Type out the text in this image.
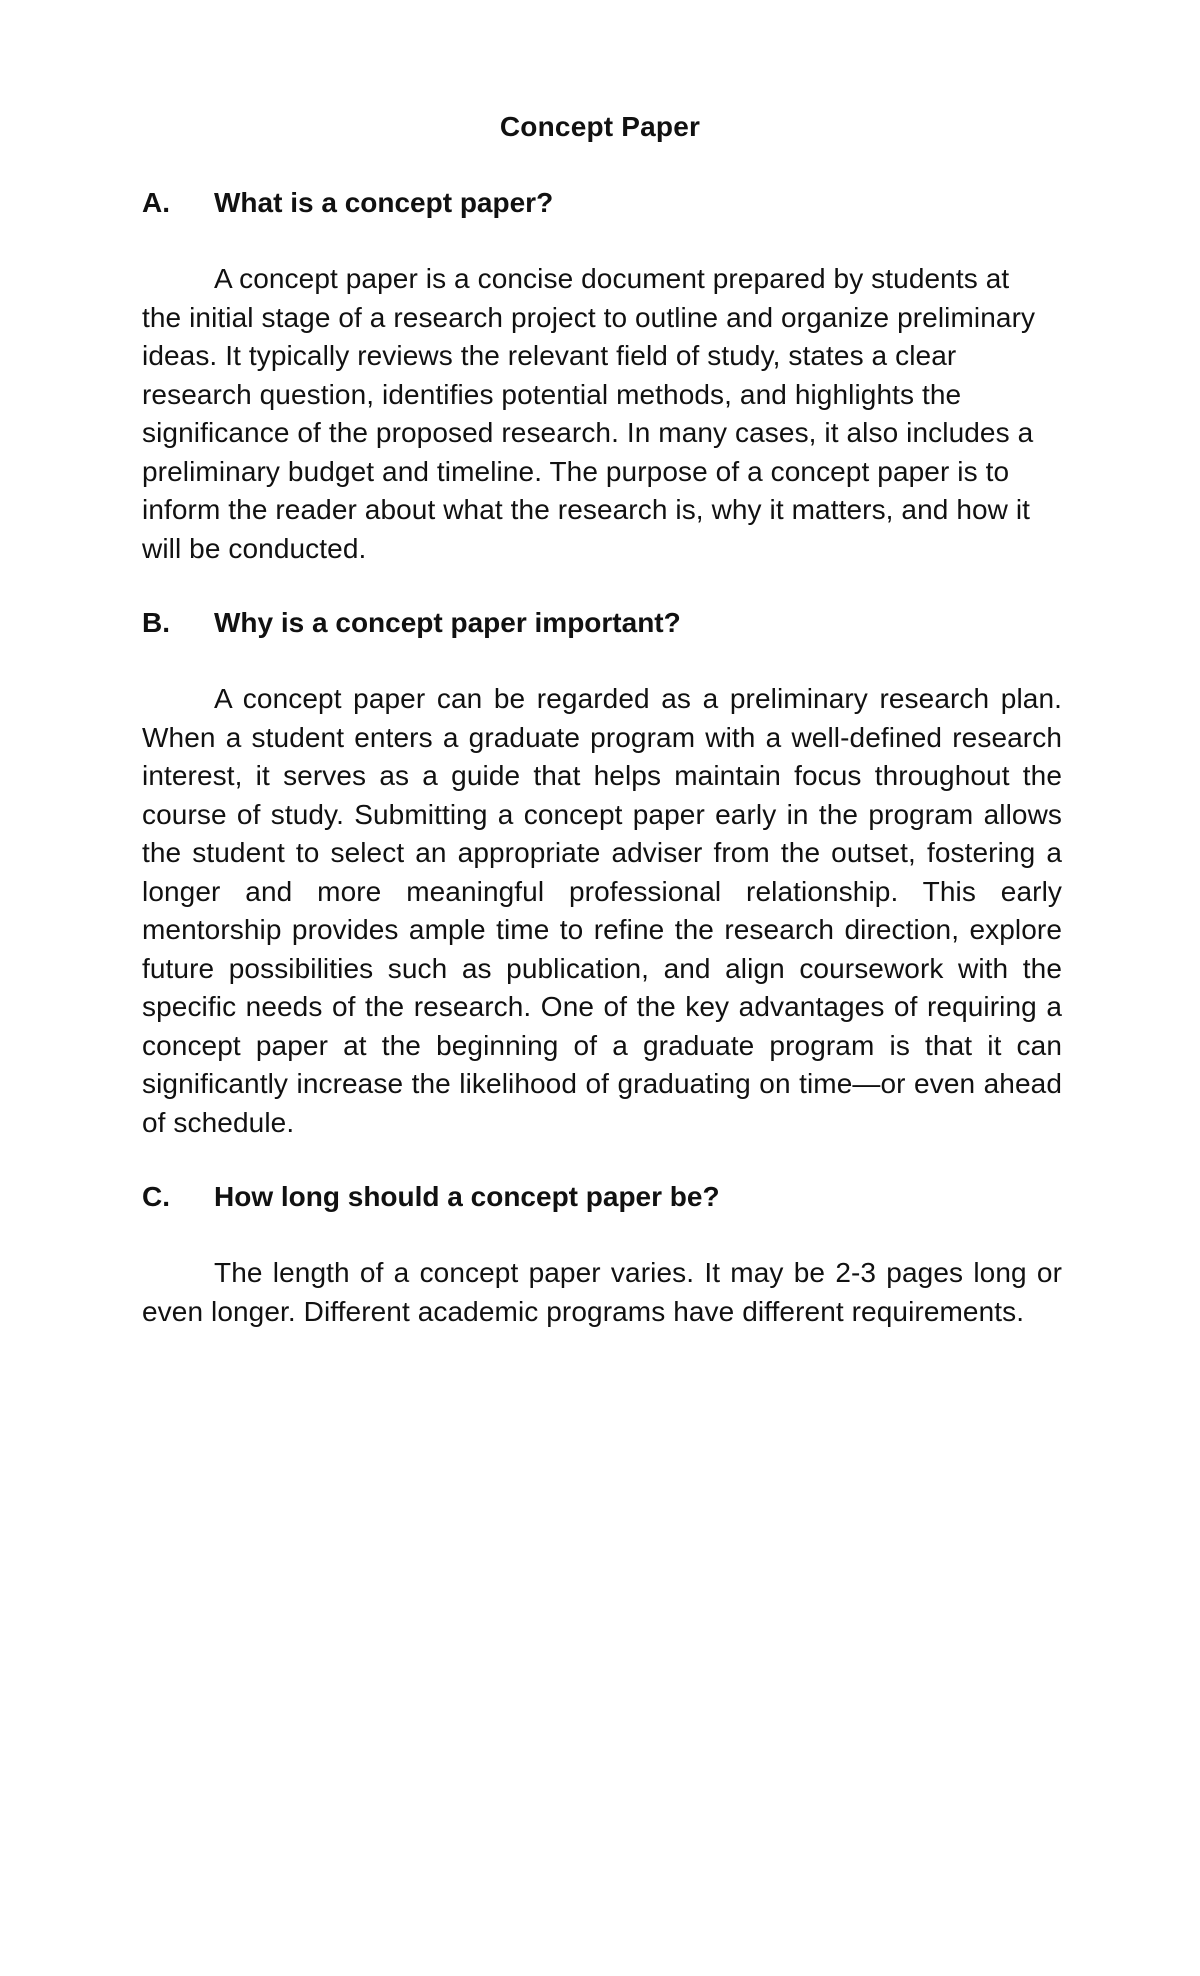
Concept Paper
A. What is a concept paper?

A concept paper is a concise document prepared by students at the initial stage of a research project to outline and organize preliminary ideas. It typically reviews the relevant field of study, states a clear research question, identifies potential methods, and highlights the significance of the proposed research. In many cases, it also includes a preliminary budget and timeline. The purpose of a concept paper is to inform the reader about what the research is, why it matters, and how it will be conducted.

B. Why is a concept paper important?

A concept paper can be regarded as a preliminary research plan. When a student enters a graduate program with a well-defined research interest, it serves as a guide that helps maintain focus throughout the course of study. Submitting a concept paper early in the program allows the student to select an appropriate adviser from the outset, fostering a longer and more meaningful professional relationship. This early mentorship provides ample time to refine the research direction, explore future possibilities such as publication, and align coursework with the specific needs of the research. One of the key advantages of requiring a concept paper at the beginning of a graduate program is that it can significantly increase the likelihood of graduating on time—or even ahead of schedule.

C. How long should a concept paper be?

The length of a concept paper varies. It may be 2-3 pages long or even longer. Different academic programs have different requirements.
